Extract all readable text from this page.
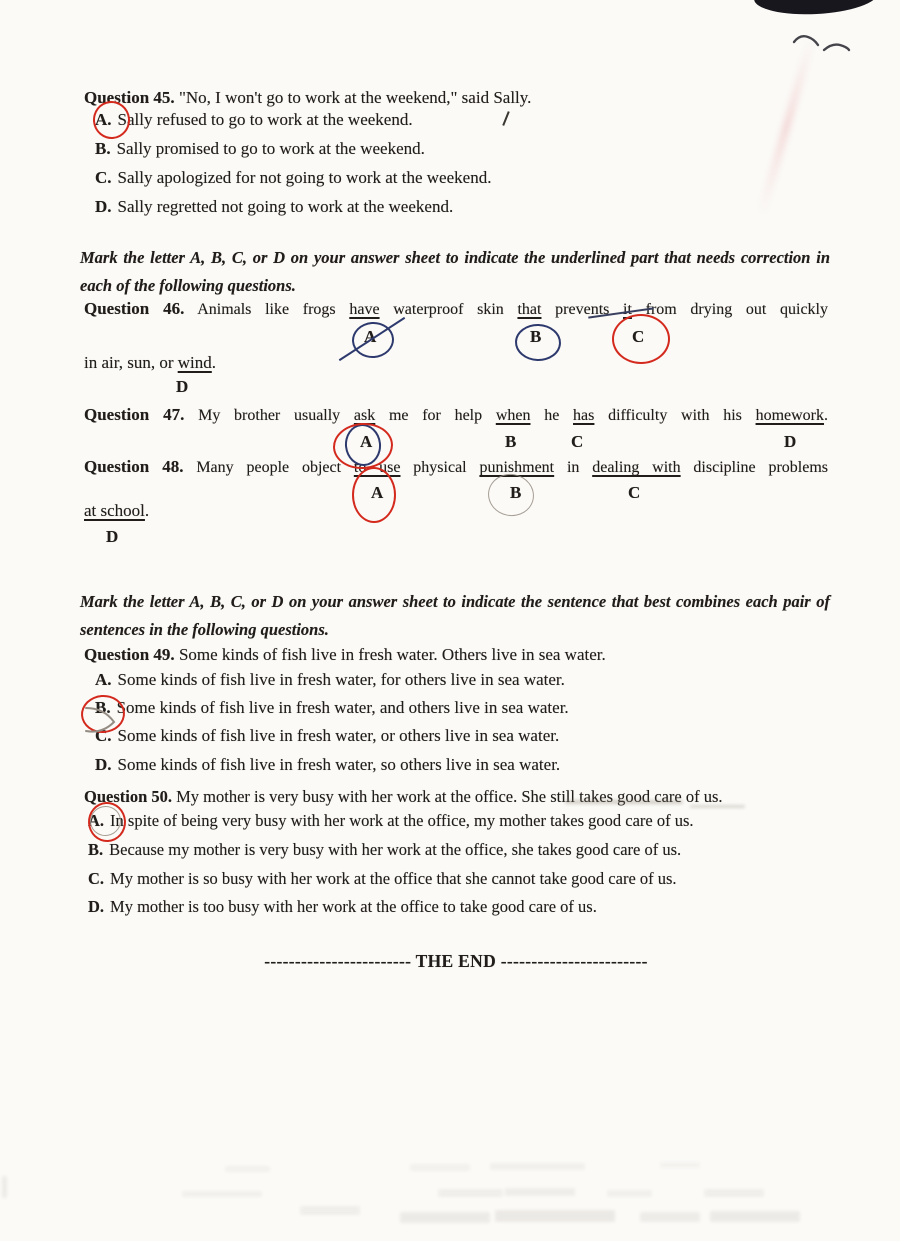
Question 45. "No, I won't go to work at the weekend," said Sally.
A. Sally refused to go to work at the weekend.
B. Sally promised to go to work at the weekend.
C. Sally apologized for not going to work at the weekend.
D. Sally regretted not going to work at the weekend.
Mark the letter A, B, C, or D on your answer sheet to indicate the underlined part that needs correction in each of the following questions.
Question 46. Animals like frogs have waterproof skin that prevents it from drying out quickly
A	B	C
in air, sun, or wind.
D
Question 47. My brother usually ask me for help when he has difficulty with his homework.
A	B	C	D
Question 48. Many people object to use physical punishment in dealing with discipline problems
A	B	C
at school.
D
Mark the letter A, B, C, or D on your answer sheet to indicate the sentence that best combines each pair of sentences in the following questions.
Question 49. Some kinds of fish live in fresh water. Others live in sea water.
A. Some kinds of fish live in fresh water, for others live in sea water.
B. Some kinds of fish live in fresh water, and others live in sea water.
C. Some kinds of fish live in fresh water, or others live in sea water.
D. Some kinds of fish live in fresh water, so others live in sea water.
Question 50. My mother is very busy with her work at the office. She still takes good care of us.
A. In spite of being very busy with her work at the office, my mother takes good care of us.
B. Because my mother is very busy with her work at the office, she takes good care of us.
C. My mother is so busy with her work at the office that she cannot take good care of us.
D. My mother is too busy with her work at the office to take good care of us.
------------------------ THE END ------------------------
